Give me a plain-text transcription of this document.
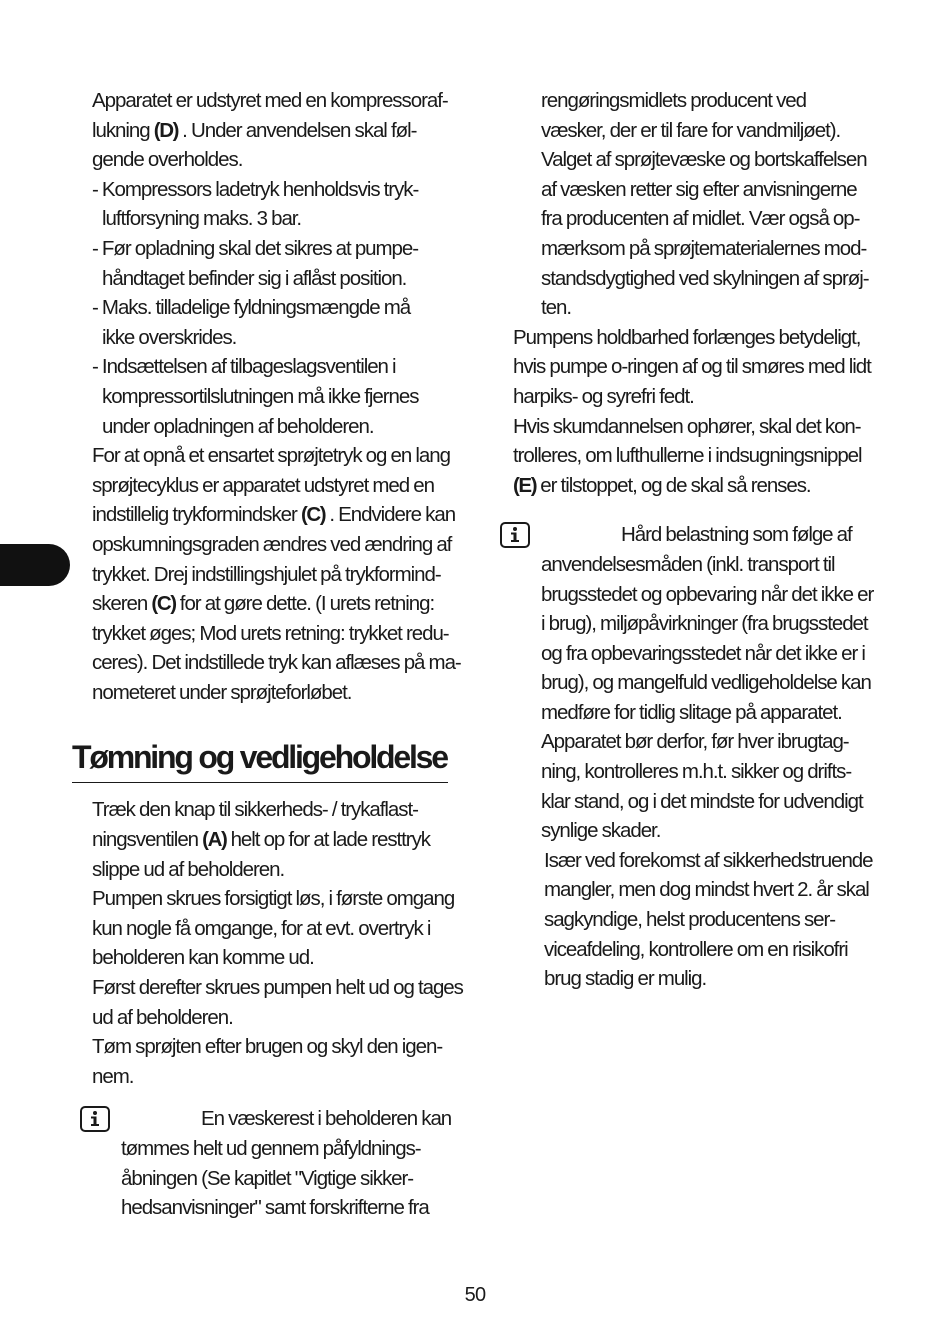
Apparatet er udstyret med en kompressoraf-
lukning (D) . Under anvendelsen skal føl-
gende overholdes.

- Kompressors ladetryk henholdsvis tryk-
luftforsyning maks. 3 bar.

- Før opladning skal det sikres at pumpe-
håndtaget befinder sig i aflåst position.

- Maks. tilladelige fyldningsmængde må
ikke overskrides.

- Indsættelsen af tilbageslagsventilen i
kompressortilslutningen må ikke fjernes
under opladningen af beholderen.

For at opnå et ensartet sprøjtetryk og en lang
sprøjtecyklus er apparatet udstyret med en
indstillelig trykformindsker (C) . Endvidere kan
opskumningsgraden ændres ved ændring af
trykket. Drej indstillingshjulet på trykformind-
skeren (C) for at gøre dette. (I urets retning:
trykket øges; Mod urets retning: trykket redu-
ceres). Det indstillede tryk kan aflæses på ma-
nometeret under sprøjteforløbet.

Tømning og vedligeholdelse

Træk den knap til sikkerheds- / trykaflast-
ningsventilen (A) helt op for at lade resttryk
slippe ud af beholderen.

Pumpen skrues forsigtigt løs, i første omgang
kun nogle få omgange, for at evt. overtryk i
beholderen kan komme ud.

Først derefter skrues pumpen helt ud og tages
ud af beholderen.

Tøm sprøjten efter brugen og skyl den igen-
nem.

En væskerest i beholderen kan
tømmes helt ud gennem påfyldnings-
åbningen (Se kapitlet "Vigtige sikker-
hedsanvisninger" samt forskrifterne fra

rengøringsmidlets producent ved
væsker, der er til fare for vandmiljøet).
Valget af sprøjtevæske og bortskaffelsen
af væsken retter sig efter anvisningerne
fra producenten af midlet. Vær også op-
mærksom på sprøjtematerialernes mod-
standsdygtighed ved skylningen af sprøj-
ten.

Pumpens holdbarhed forlænges betydeligt,
hvis pumpe o-ringen af og til smøres med lidt
harpiks- og syrefri fedt.

Hvis skumdannelsen ophører, skal det kon-
trolleres, om lufthullerne i indsugningsnippel
(E) er tilstoppet, og de skal så renses.

Hård belastning som følge af
anvendelsesmåden (inkl. transport til
brugsstedet og opbevaring når det ikke er
i brug), miljøpåvirkninger (fra brugsstedet
og fra opbevaringsstedet når det ikke er i
brug), og mangelfuld vedligeholdelse kan
medføre for tidlig slitage på apparatet.
Apparatet bør derfor, før hver ibrugtag-
ning, kontrolleres m.h.t. sikker og drifts-
klar stand, og i det mindste for udvendigt
synlige skader.

Især ved forekomst af sikkerhedstruende
mangler, men dog mindst hvert 2. år skal
sagkyndige, helst producentens ser-
viceafdeling, kontrollere om en risikofri
brug stadig er mulig.

50
